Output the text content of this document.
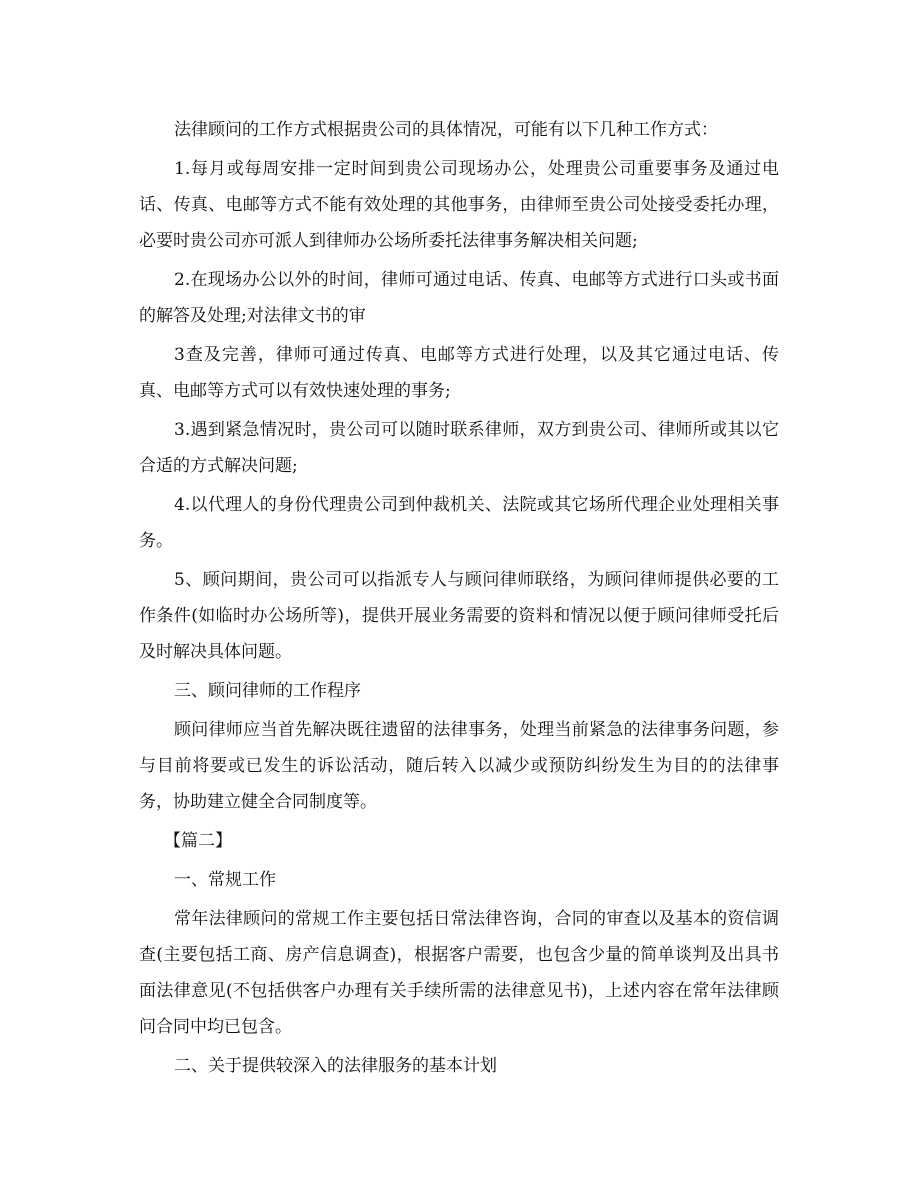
法律顾问的工作方式根据贵公司的具体情况，可能有以下几种工作方式：

1.每月或每周安排一定时间到贵公司现场办公，处理贵公司重要事务及通过电话、传真、电邮等方式不能有效处理的其他事务，由律师至贵公司处接受委托办理，必要时贵公司亦可派人到律师办公场所委托法律事务解决相关问题;

2.在现场办公以外的时间，律师可通过电话、传真、电邮等方式进行口头或书面的解答及处理;对法律文书的审

3查及完善，律师可通过传真、电邮等方式进行处理，以及其它通过电话、传真、电邮等方式可以有效快速处理的事务;

3.遇到紧急情况时，贵公司可以随时联系律师，双方到贵公司、律师所或其以它合适的方式解决问题;

4.以代理人的身份代理贵公司到仲裁机关、法院或其它场所代理企业处理相关事务。

5、顾问期间，贵公司可以指派专人与顾问律师联络，为顾问律师提供必要的工作条件(如临时办公场所等)，提供开展业务需要的资料和情况以便于顾问律师受托后及时解决具体问题。

三、顾问律师的工作程序

顾问律师应当首先解决既往遗留的法律事务，处理当前紧急的法律事务问题，参与目前将要或已发生的诉讼活动，随后转入以减少或预防纠纷发生为目的的法律事务，协助建立健全合同制度等。

【篇二】

一、常规工作

常年法律顾问的常规工作主要包括日常法律咨询，合同的审查以及基本的资信调查(主要包括工商、房产信息调查)，根据客户需要，也包含少量的简单谈判及出具书面法律意见(不包括供客户办理有关手续所需的法律意见书)，上述内容在常年法律顾问合同中均已包含。

二、关于提供较深入的法律服务的基本计划
